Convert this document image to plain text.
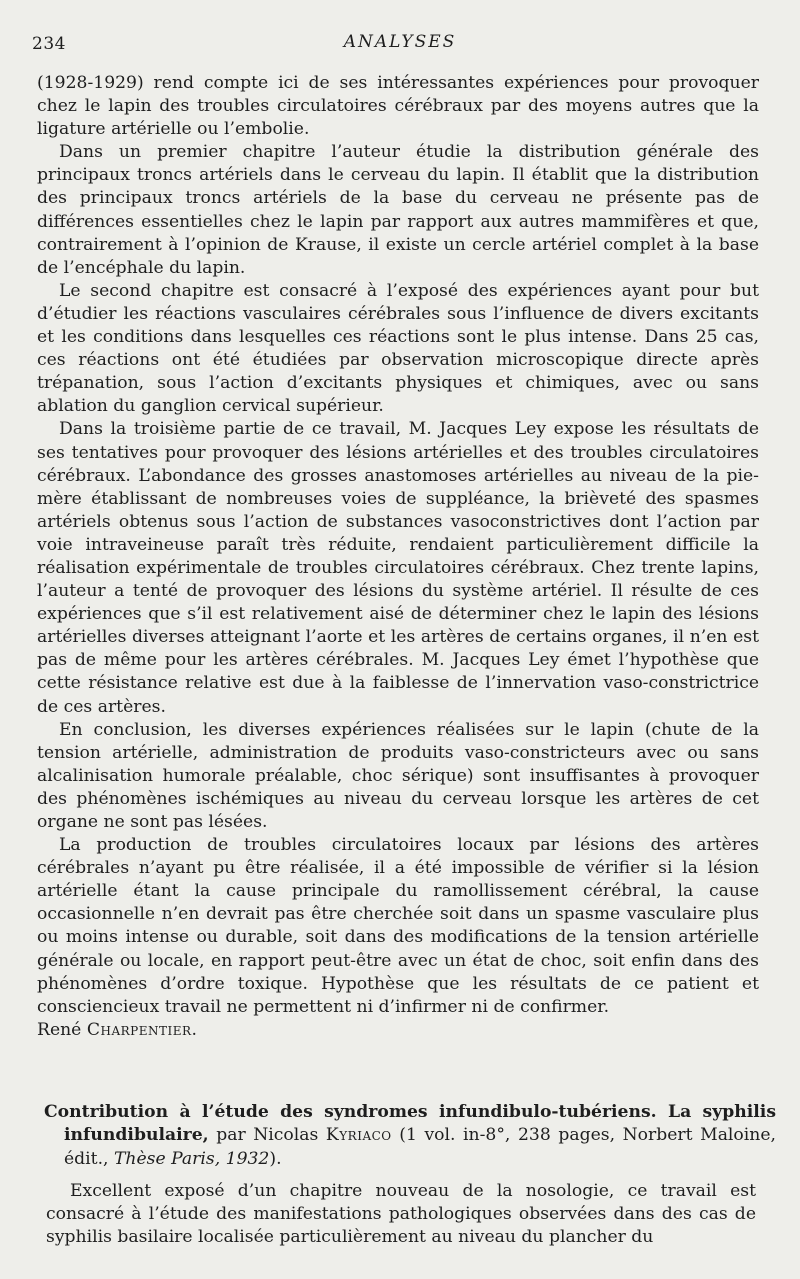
234	ANALYSES

(1928-1929) rend compte ici de ses intéressantes expériences pour provoquer chez le lapin des troubles circulatoires cérébraux par des moyens autres que la ligature artérielle ou l’embolie.

Dans un premier chapitre l’auteur étudie la distribution générale des principaux troncs artériels dans le cerveau du lapin. Il établit que la distribution des principaux troncs artériels de la base du cerveau ne présente pas de différences essentielles chez le lapin par rapport aux autres mammifères et que, contrairement à l’opinion de Krause, il existe un cercle artériel complet à la base de l’encéphale du lapin.

Le second chapitre est consacré à l’exposé des expériences ayant pour but d’étudier les réactions vasculaires cérébrales sous l’influence de divers excitants et les conditions dans lesquelles ces réactions sont le plus intense. Dans 25 cas, ces réactions ont été étudiées par observation microscopique directe après trépanation, sous l’action d’excitants physiques et chimiques, avec ou sans ablation du ganglion cervical supérieur.

Dans la troisième partie de ce travail, M. Jacques Ley expose les résultats de ses tentatives pour provoquer des lésions artérielles et des troubles circulatoires cérébraux. L’abondance des grosses anastomoses artérielles au niveau de la pie-mère établissant de nombreuses voies de suppléance, la brièveté des spasmes artériels obtenus sous l’action de substances vasoconstrictives dont l’action par voie intraveineuse paraît très réduite, rendaient particulièrement difficile la réalisation expérimentale de troubles circulatoires cérébraux. Chez trente lapins, l’auteur a tenté de provoquer des lésions du système artériel. Il résulte de ces expériences que s’il est relativement aisé de déterminer chez le lapin des lésions artérielles diverses atteignant l’aorte et les artères de certains organes, il n’en est pas de même pour les artères cérébrales. M. Jacques Ley émet l’hypothèse que cette résistance relative est due à la faiblesse de l’innervation vaso-constrictrice de ces artères.

En conclusion, les diverses expériences réalisées sur le lapin (chute de la tension artérielle, administration de produits vaso-constricteurs avec ou sans alcalinisation humorale préalable, choc sérique) sont insuffisantes à provoquer des phénomènes ischémiques au niveau du cerveau lorsque les artères de cet organe ne sont pas lésées.

La production de troubles circulatoires locaux par lésions des artères cérébrales n’ayant pu être réalisée, il a été impossible de vérifier si la lésion artérielle étant la cause principale du ramollissement cérébral, la cause occasionnelle n’en devrait pas être cherchée soit dans un spasme vasculaire plus ou moins intense ou durable, soit dans des modifications de la tension artérielle générale ou locale, en rapport peut-être avec un état de choc, soit enfin dans des phénomènes d’ordre toxique. Hypothèse que les résultats de ce patient et consciencieux travail ne permettent ni d’infirmer ni de confirmer.

René Charpentier.

Contribution à l’étude des syndromes infundibulo-tubériens. La syphilis infundibulaire, par Nicolas Kyriaco (1 vol. in-8°, 238 pages, Norbert Maloine, édit., Thèse Paris, 1932).

Excellent exposé d’un chapitre nouveau de la nosologie, ce travail est consacré à l’étude des manifestations pathologiques observées dans des cas de syphilis basilaire localisée particulièrement au niveau du plancher du
